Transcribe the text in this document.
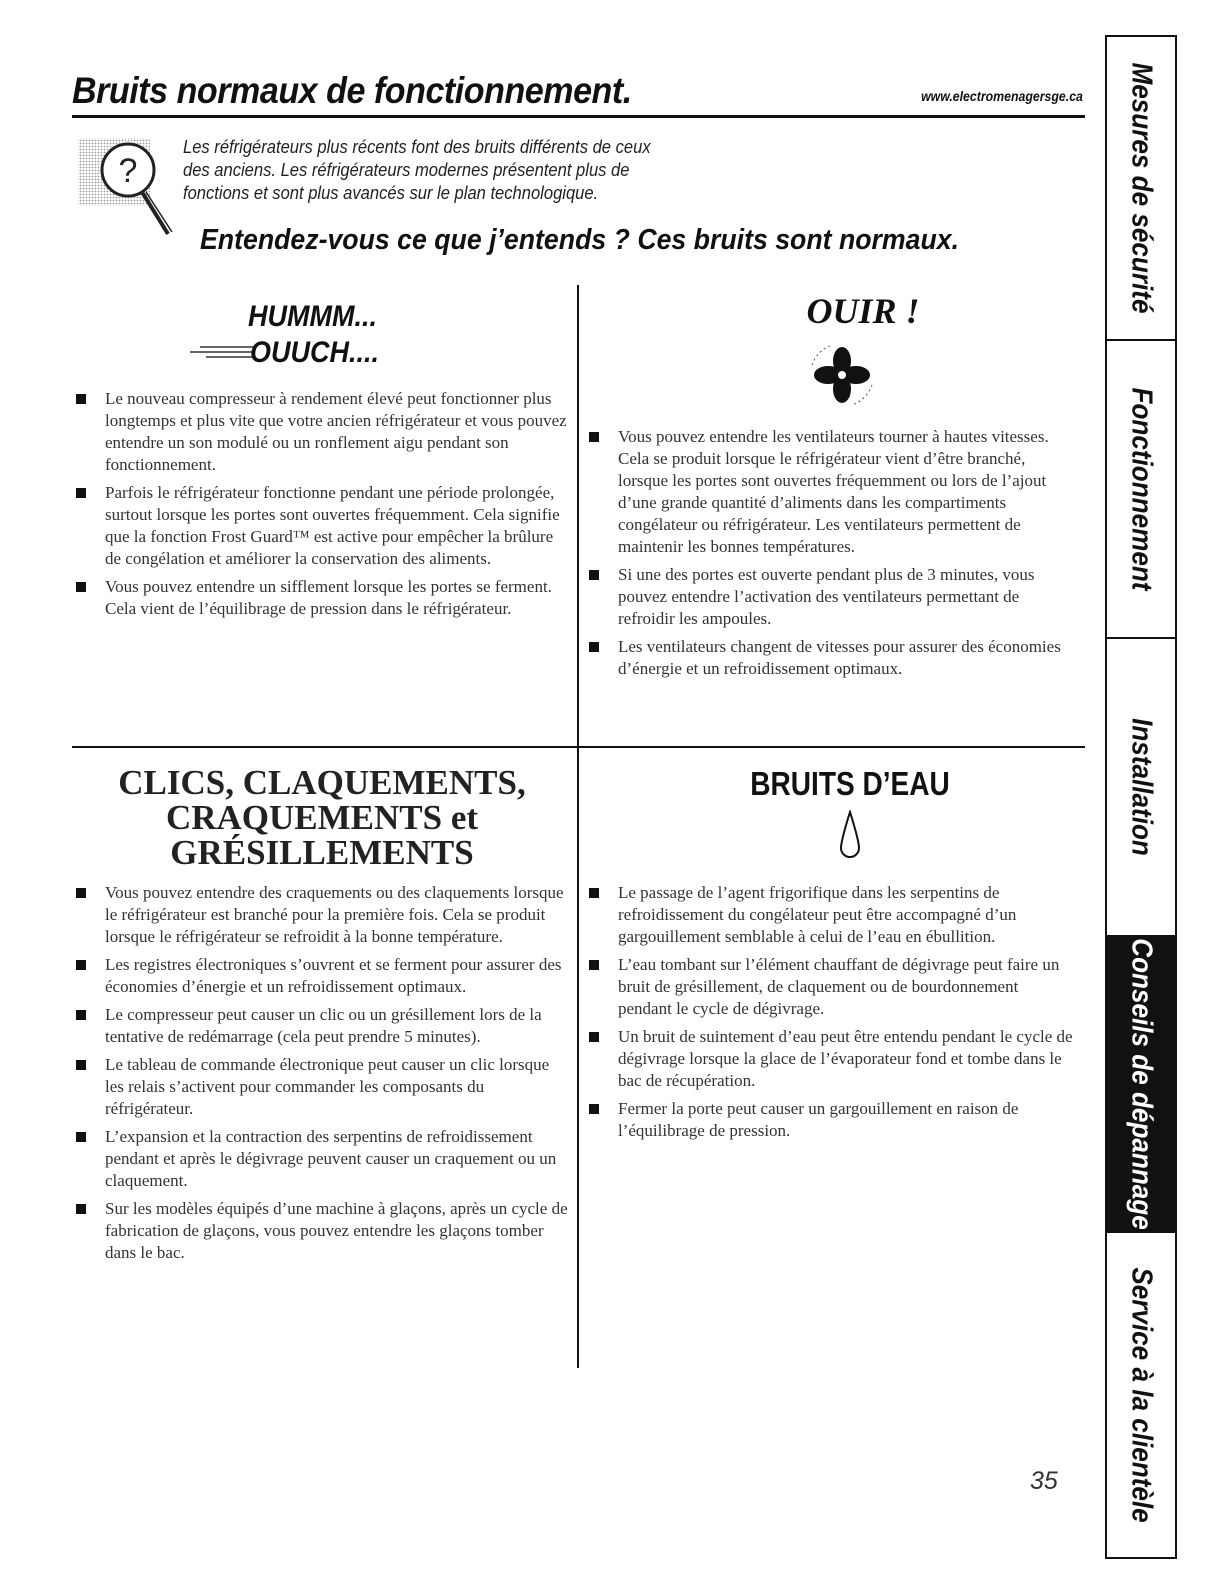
Bruits normaux de fonctionnement.	www.electromenagersge.ca
?
Les réfrigérateurs plus récents font des bruits différents de ceux
des anciens. Les réfrigérateurs modernes présentent plus de
fonctions et sont plus avancés sur le plan technologique.
Entendez-vous ce que j’entends ? Ces bruits sont normaux.
HUMMM...
OUUCH....
Le nouveau compresseur à rendement élevé peut fonctionner plus longtemps et plus vite que votre ancien réfrigérateur et vous pouvez entendre un son modulé ou un ronflement aigu pendant son fonctionnement.
Parfois le réfrigérateur fonctionne pendant une période prolongée, surtout lorsque les portes sont ouvertes fréquemment. Cela signifie que la fonction Frost Guard™ est active pour empêcher la brûlure de congélation et améliorer la conservation des aliments.
Vous pouvez entendre un sifflement lorsque les portes se ferment. Cela vient de l’équilibrage de pression dans le réfrigérateur.
OUIR !
Vous pouvez entendre les ventilateurs tourner à hautes vitesses. Cela se produit lorsque le réfrigérateur vient d’être branché, lorsque les portes sont ouvertes fréquemment ou lors de l’ajout d’une grande quantité d’aliments dans les compartiments congélateur ou réfrigérateur. Les ventilateurs permettent de maintenir les bonnes températures.
Si une des portes est ouverte pendant plus de 3 minutes, vous pouvez entendre l’activation des ventilateurs permettant de refroidir les ampoules.
Les ventilateurs changent de vitesses pour assurer des économies d’énergie et un refroidissement optimaux.
CLICS, CLAQUEMENTS,
CRAQUEMENTS et
GRÉSILLEMENTS
Vous pouvez entendre des craquements ou des claquements lorsque le réfrigérateur est branché pour la première fois. Cela se produit lorsque le réfrigérateur se refroidit à la bonne température.
Les registres électroniques s’ouvrent et se ferment pour assurer des économies d’énergie et un refroidissement optimaux.
Le compresseur peut causer un clic ou un grésillement lors de la tentative de redémarrage (cela peut prendre 5 minutes).
Le tableau de commande électronique peut causer un clic lorsque les relais s’activent pour commander les composants du réfrigérateur.
L’expansion et la contraction des serpentins de refroidissement pendant et après le dégivrage peuvent causer un craquement ou un claquement.
Sur les modèles équipés d’une machine à glaçons, après un cycle de fabrication de glaçons, vous pouvez entendre les glaçons tomber dans le bac.
BRUITS D’EAU
Le passage de l’agent frigorifique dans les serpentins de refroidissement du congélateur peut être accompagné d’un gargouillement semblable à celui de l’eau en ébullition.
L’eau tombant sur l’élément chauffant de dégivrage peut faire un bruit de grésillement, de claquement ou de bourdonnement pendant le cycle de dégivrage.
Un bruit de suintement d’eau peut être entendu pendant le cycle de dégivrage lorsque la glace de l’évaporateur fond et tombe dans le bac de récupération.
Fermer la porte peut causer un gargouillement en raison de l’équilibrage de pression.
35
Mesures de sécurité
Fonctionnement
Installation
Conseils de dépannage
Service à la clientèle
